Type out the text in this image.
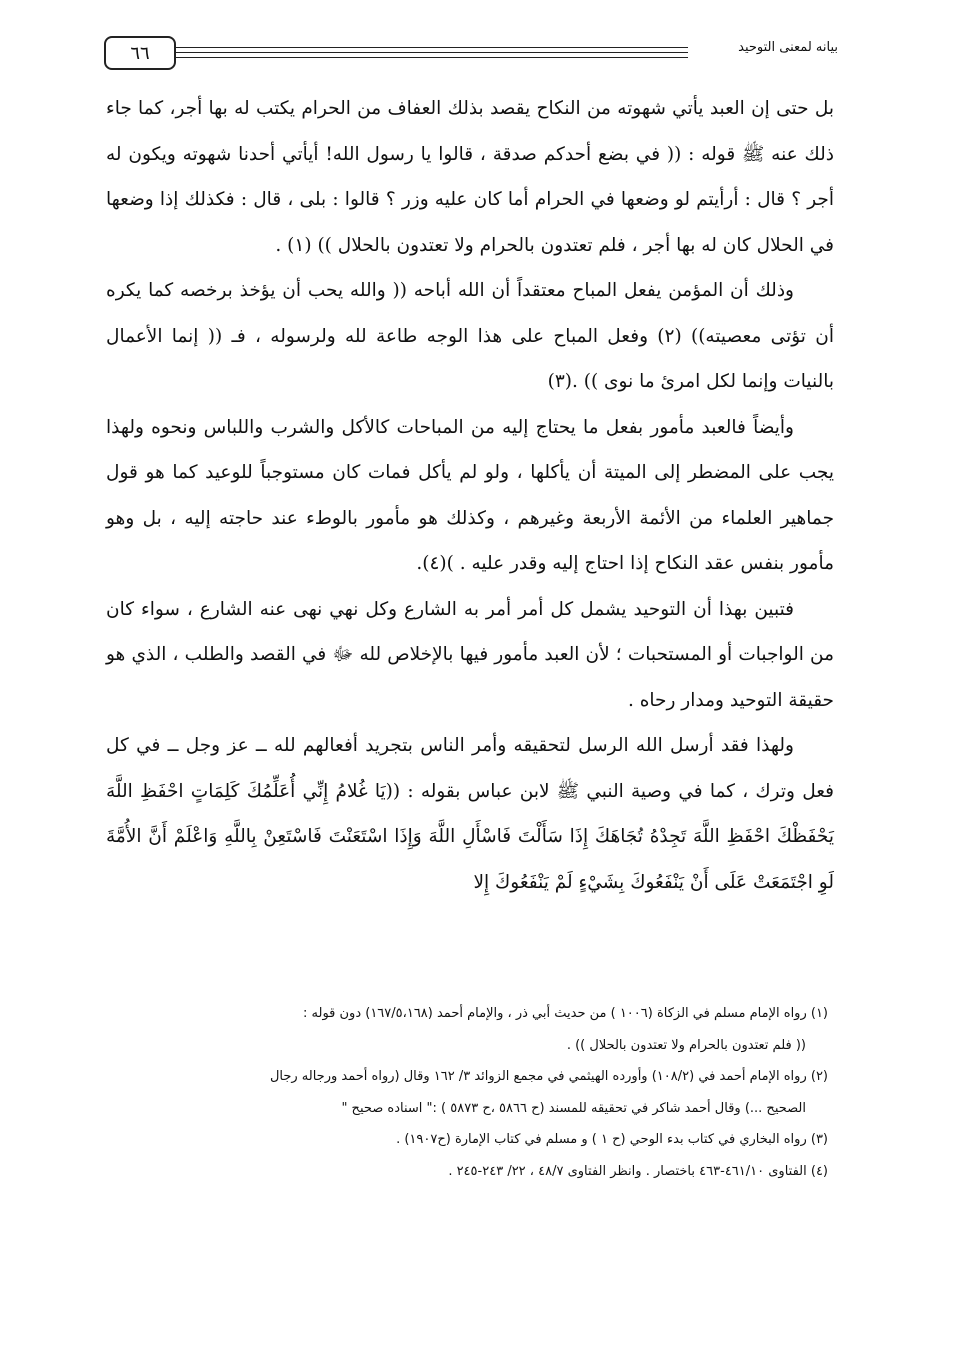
٦٦	بيانه لمعنى التوحيد

بل حتى إن العبد يأتي شهوته من النكاح يقصد بذلك العفاف من الحرام يكتب له بها أجر، كما جاء ذلك عنه ﷺ قوله : (( في بضع أحدكم صدقة ، قالوا يا رسول الله! أيأتي أحدنا شهوته ويكون له أجر ؟ قال : أرأيتم لو وضعها في الحرام أما كان عليه وزر ؟ قالوا : بلى ، قال : فكذلك إذا وضعها في الحلال كان له بها أجر ، فلم تعتدون بالحرام ولا تعتدون بالحلال )) (١) .

وذلك أن المؤمن يفعل المباح معتقداً أن الله أباحه (( والله يحب أن يؤخذ برخصه كما يكره أن تؤتى معصيته)) (٢) وفعل المباح على هذا الوجه طاعة لله ولرسوله ، فـ (( إنما الأعمال بالنيات وإنما لكل امرئ ما نوى )) .(٣)

وأيضاً فالعبد مأمور بفعل ما يحتاج إليه من المباحات كالأكل والشرب واللباس ونحوه ولهذا يجب على المضطر إلى الميتة أن يأكلها ، ولو لم يأكل فمات كان مستوجباً للوعيد كما هو قول جماهير العلماء من الأئمة الأربعة وغيرهم ، وكذلك هو مأمور بالوطء عند حاجته إليه ، بل وهو مأمور بنفس عقد النكاح إذا احتاج إليه وقدر عليه . )(٤).

فتبين بهذا أن التوحيد يشمل كل أمر أمر به الشارع وكل نهي نهى عنه الشارع ، سواء كان من الواجبات أو المستحبات ؛ لأن العبد مأمور فيها بالإخلاص لله ﷻ في القصد والطلب ، الذي هو حقيقة التوحيد ومدار رحاه .

ولهذا فقد أرسل الله الرسل لتحقيقه وأمر الناس بتجريد أفعالهم لله ــ عز وجل ــ في كل فعل وترك ، كما في وصية النبي ﷺ لابن عباس بقوله : ((يَا غُلامُ إِنِّي أُعَلِّمُكَ كَلِمَاتٍ احْفَظِ اللَّهَ يَحْفَظْكَ احْفَظِ اللَّهَ تَجِدْهُ تُجَاهَكَ إِذَا سَأَلْتَ فَاسْأَلِ اللَّهَ وَإِذَا اسْتَعَنْتَ فَاسْتَعِنْ بِاللَّهِ وَاعْلَمْ أَنَّ الأُمَّةَ لَوِ اجْتَمَعَتْ عَلَى أَنْ يَنْفَعُوكَ بِشَيْءٍ لَمْ يَنْفَعُوكَ إِلا

(١) رواه الإمام مسلم في الزكاة (١٠٠٦ ) من حديث أبي ذر ، والإمام أحمد (١٦٧/٥،١٦٨) دون قوله :
(( فلم تعتدون بالحرام ولا تعتدون بالحلال )) .

(٢) رواه الإمام أحمد في (١٠٨/٢) وأورده الهيثمي في مجمع الزوائد ٣/ ١٦٢ وقال (رواه أحمد ورجاله رجال
الصحيح ...) وقال أحمد شاكر في تحقيقه للمسند (ح ٥٨٦٦ ،ح ٥٨٧٣ ) :" اسناده صحيح "

(٣) رواه البخاري في كتاب بدء الوحي (ح ١ ) و مسلم في كتاب الإمارة (ح١٩٠٧) .

(٤) الفتاوى ٤٦١/١٠-٤٦٣ باختصار . وانظر الفتاوى ٤٨/٧ ، ٢٢/ ٢٤٣-٢٤٥ .
